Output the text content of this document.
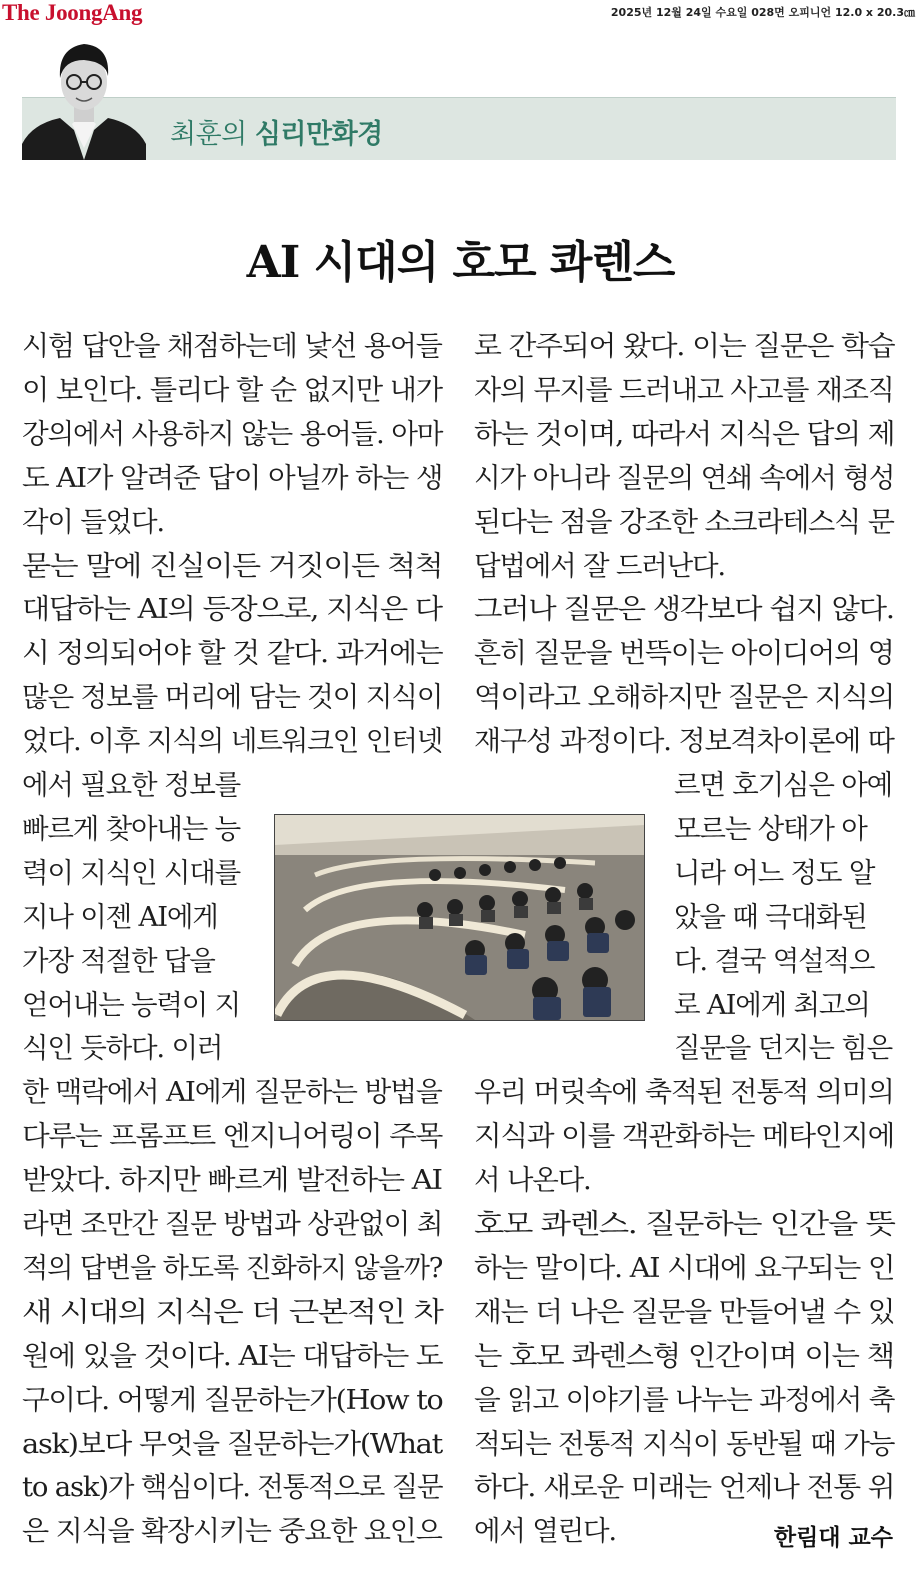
The JoongAng	2025년 12월 24일 수요일 028면 오피니언 12.0 x 20.3㎝
최훈의 심리만화경
AI 시대의 호모 콰렌스
시험 답안을 채점하는데 낯선 용어들
이 보인다. 틀리다 할 순 없지만 내가
강의에서 사용하지 않는 용어들. 아마
도 AI가 알려준 답이 아닐까 하는 생
각이 들었다.
묻는 말에 진실이든 거짓이든 척척
대답하는 AI의 등장으로, 지식은 다
시 정의되어야 할 것 같다. 과거에는
많은 정보를 머리에 담는 것이 지식이
었다. 이후 지식의 네트워크인 인터넷
에서 필요한 정보를
빠르게 찾아내는 능
력이 지식인 시대를
지나 이젠 AI에게
가장 적절한 답을
얻어내는 능력이 지
식인 듯하다. 이러
한 맥락에서 AI에게 질문하는 방법을
다루는 프롬프트 엔지니어링이 주목
받았다. 하지만 빠르게 발전하는 AI
라면 조만간 질문 방법과 상관없이 최
적의 답변을 하도록 진화하지 않을까?
새 시대의 지식은 더 근본적인 차
원에 있을 것이다. AI는 대답하는 도
구이다. 어떻게 질문하는가(How to
ask)보다 무엇을 질문하는가(What
to ask)가 핵심이다. 전통적으로 질문
은 지식을 확장시키는 중요한 요인으
로 간주되어 왔다. 이는 질문은 학습
자의 무지를 드러내고 사고를 재조직
하는 것이며, 따라서 지식은 답의 제
시가 아니라 질문의 연쇄 속에서 형성
된다는 점을 강조한 소크라테스식 문
답법에서 잘 드러난다.
그러나 질문은 생각보다 쉽지 않다.
흔히 질문을 번뜩이는 아이디어의 영
역이라고 오해하지만 질문은 지식의
재구성 과정이다. 정보격차이론에 따
르면 호기심은 아예
모르는 상태가 아
니라 어느 정도 알
았을 때 극대화된
다. 결국 역설적으
로 AI에게 최고의
질문을 던지는 힘은
우리 머릿속에 축적된 전통적 의미의
지식과 이를 객관화하는 메타인지에
서 나온다.
호모 콰렌스. 질문하는 인간을 뜻
하는 말이다. AI 시대에 요구되는 인
재는 더 나은 질문을 만들어낼 수 있
는 호모 콰렌스형 인간이며 이는 책
을 읽고 이야기를 나누는 과정에서 축
적되는 전통적 지식이 동반될 때 가능
하다. 새로운 미래는 언제나 전통 위
에서 열린다.	한림대 교수
